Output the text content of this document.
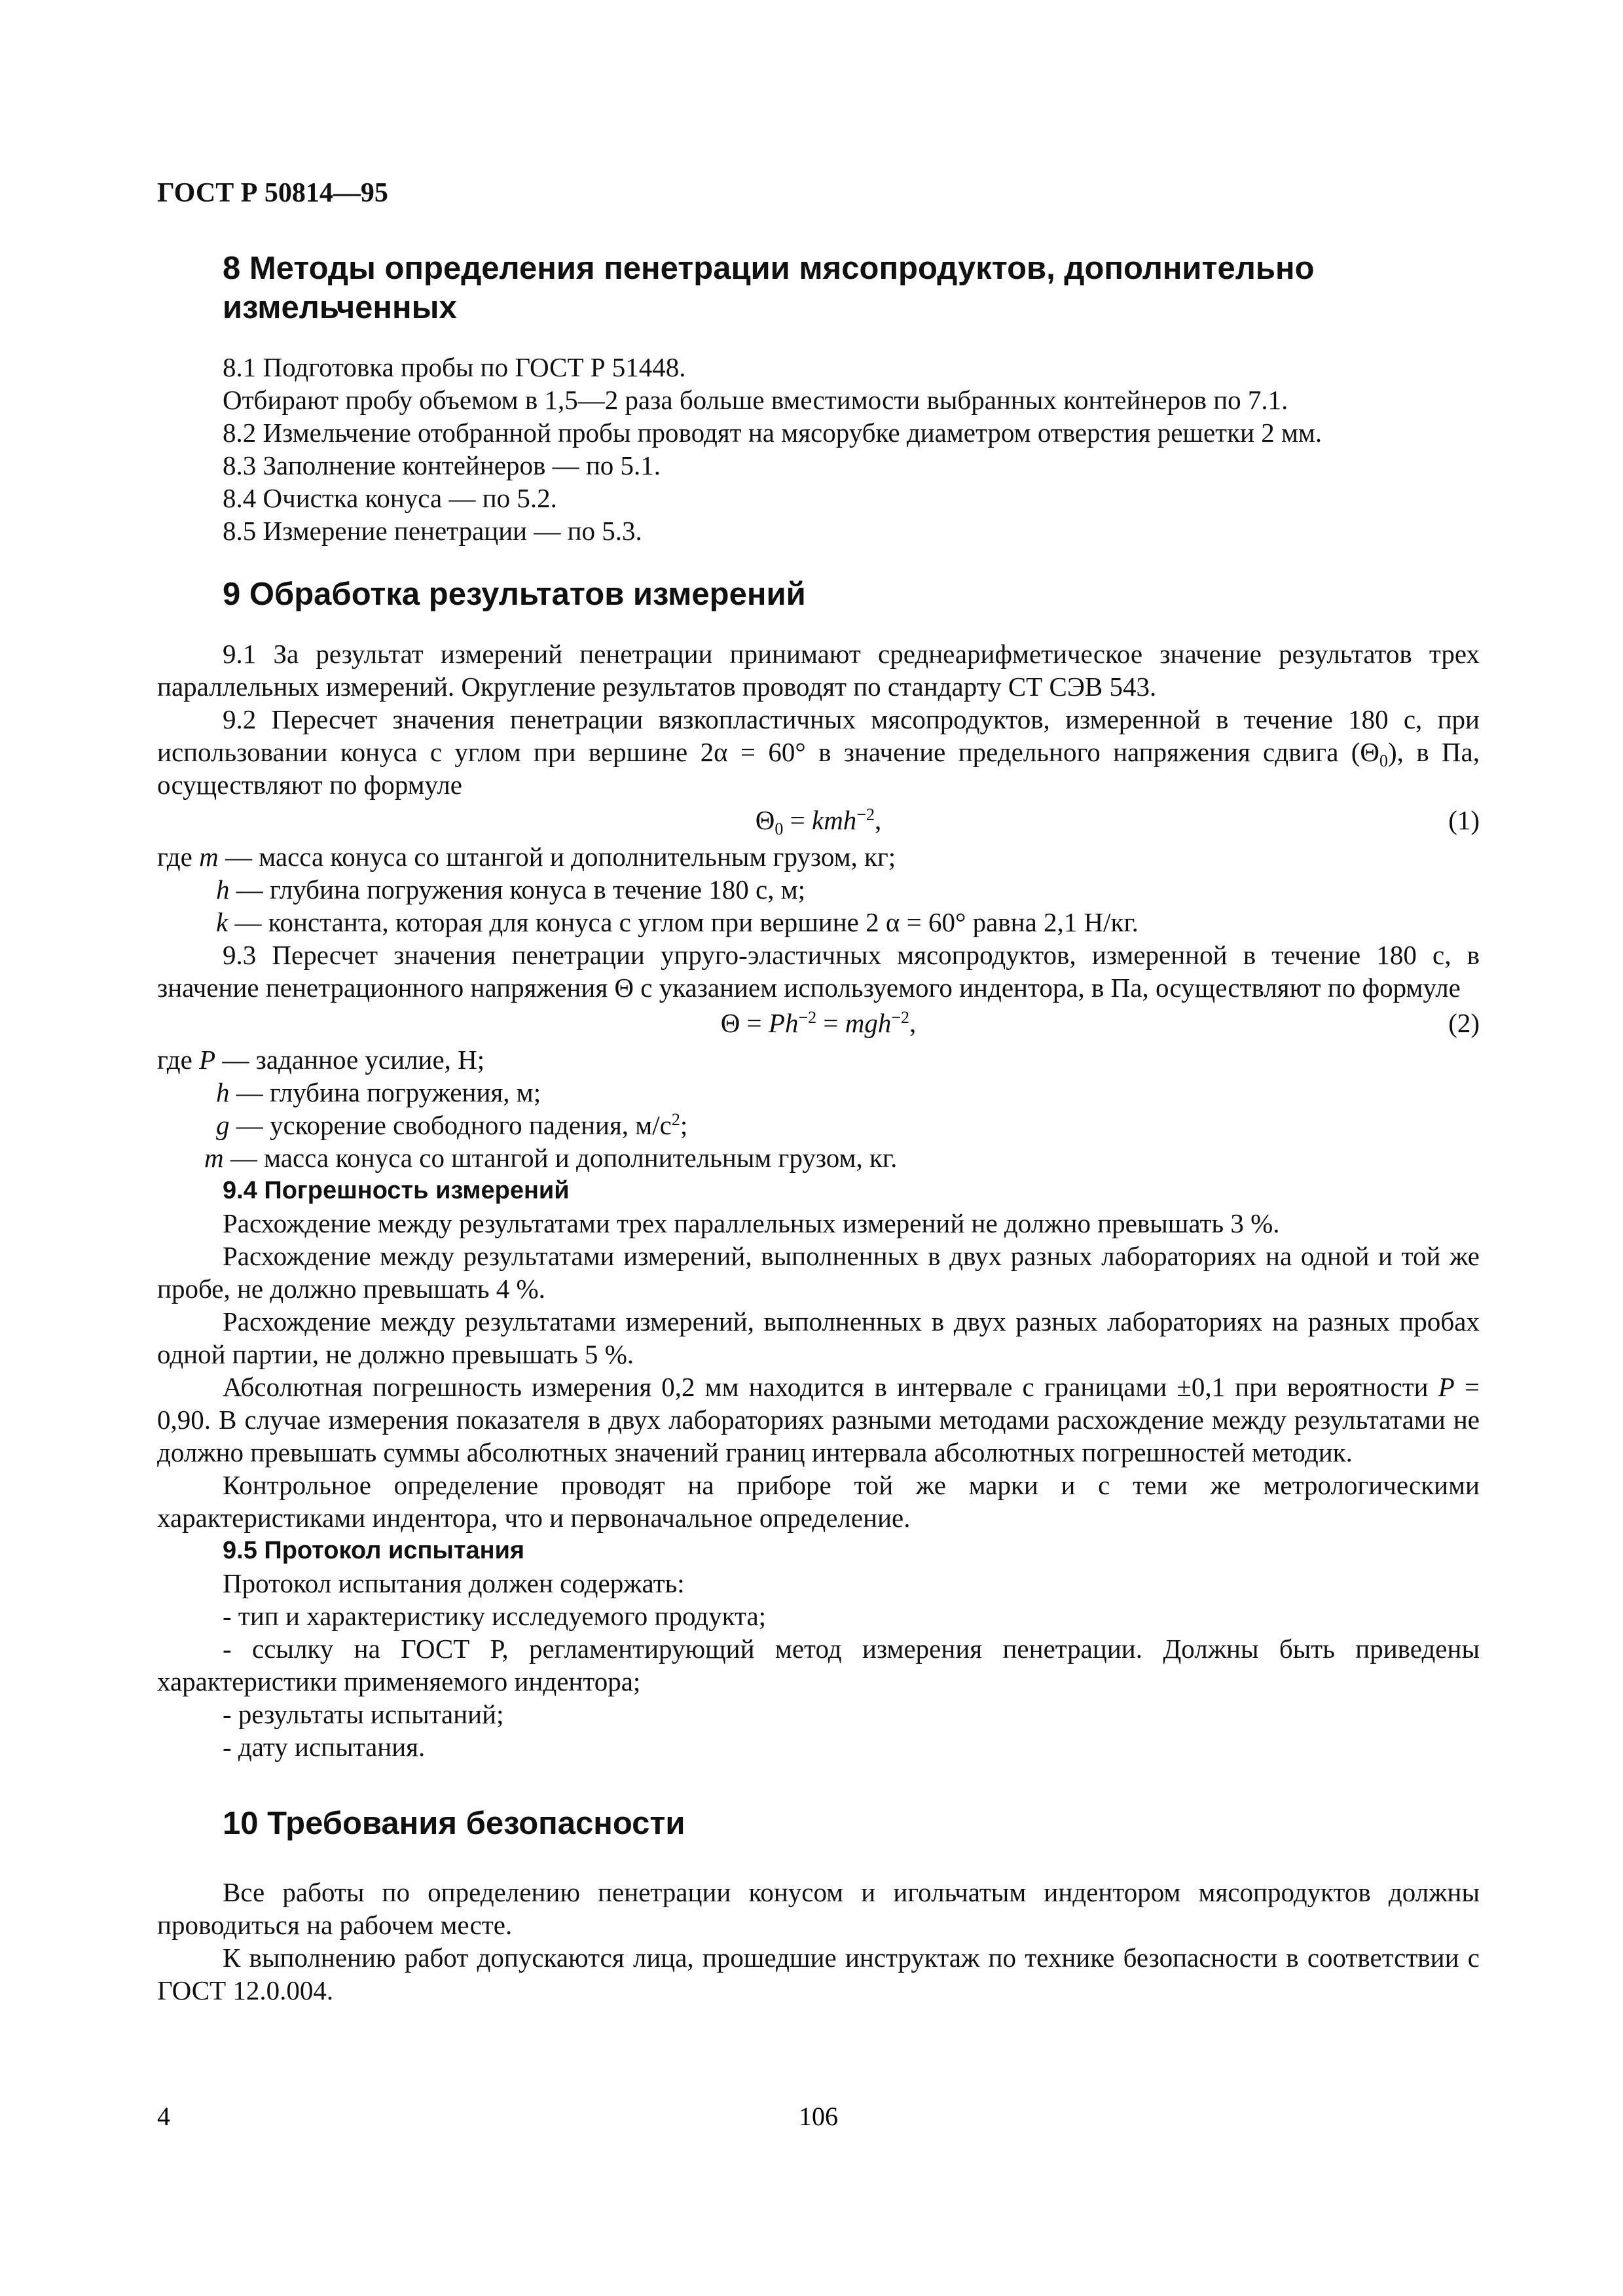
ГОСТ Р 50814—95
8 Методы определения пенетрации мясопродуктов, дополнительно измельченных

8.1 Подготовка пробы по ГОСТ Р 51448.

Отбирают пробу объемом в 1,5—2 раза больше вместимости выбранных контейнеров по 7.1.

8.2 Измельчение отобранной пробы проводят на мясорубке диаметром отверстия решетки 2 мм.

8.3 Заполнение контейнеров — по 5.1.

8.4 Очистка конуса — по 5.2.

8.5 Измерение пенетрации — по 5.3.

9 Обработка результатов измерений

9.1 За результат измерений пенетрации принимают среднеарифметическое значение результатов трех параллельных измерений. Округление результатов проводят по стандарту СТ СЭВ 543.

9.2 Пересчет значения пенетрации вязкопластичных мясопродуктов, измеренной в течение 180 с, при использовании конуса с углом при вершине 2α = 60° в значение предельного напряжения сдвига $(\Theta_0)$, в Па, осуществляют по формуле

$\Theta_0 = kmh^{-2}$,	(1)

где m — масса конуса со штангой и дополнительным грузом, кг;

h — глубина погружения конуса в течение 180 с, м;

k — константа, которая для конуса с углом при вершине 2 α = 60° равна 2,1 Н/кг.

9.3 Пересчет значения пенетрации упруго-эластичных мясопродуктов, измеренной в течение 180 с, в значение пенетрационного напряжения Θ с указанием используемого индентора, в Па, осуществляют по формуле

$\Theta = Ph^{-2} = mgh^{-2}$,	(2)

где P — заданное усилие, Н;

h — глубина погружения, м;

g — ускорение свободного падения, $м/с^2$;

m — масса конуса со штангой и дополнительным грузом, кг.

9.4 Погрешность измерений

Расхождение между результатами трех параллельных измерений не должно превышать 3 %.

Расхождение между результатами измерений, выполненных в двух разных лабораториях на одной и той же пробе, не должно превышать 4 %.

Расхождение между результатами измерений, выполненных в двух разных лабораториях на разных пробах одной партии, не должно превышать 5 %.

Абсолютная погрешность измерения 0,2 мм находится в интервале с границами ±0,1 при вероятности P = 0,90. В случае измерения показателя в двух лабораториях разными методами расхождение между результатами не должно превышать суммы абсолютных значений границ интервала абсолютных погрешностей методик.

Контрольное определение проводят на приборе той же марки и с теми же метрологическими характеристиками индентора, что и первоначальное определение.

9.5 Протокол испытания

Протокол испытания должен содержать:

- тип и характеристику исследуемого продукта;

- ссылку на ГОСТ Р, регламентирующий метод измерения пенетрации. Должны быть приведены характеристики применяемого индентора;

- результаты испытаний;

- дату испытания.

10 Требования безопасности

Все работы по определению пенетрации конусом и игольчатым индентором мясопродуктов должны проводиться на рабочем месте.

К выполнению работ допускаются лица, прошедшие инструктаж по технике безопасности в соответствии с ГОСТ 12.0.004.

4	106
